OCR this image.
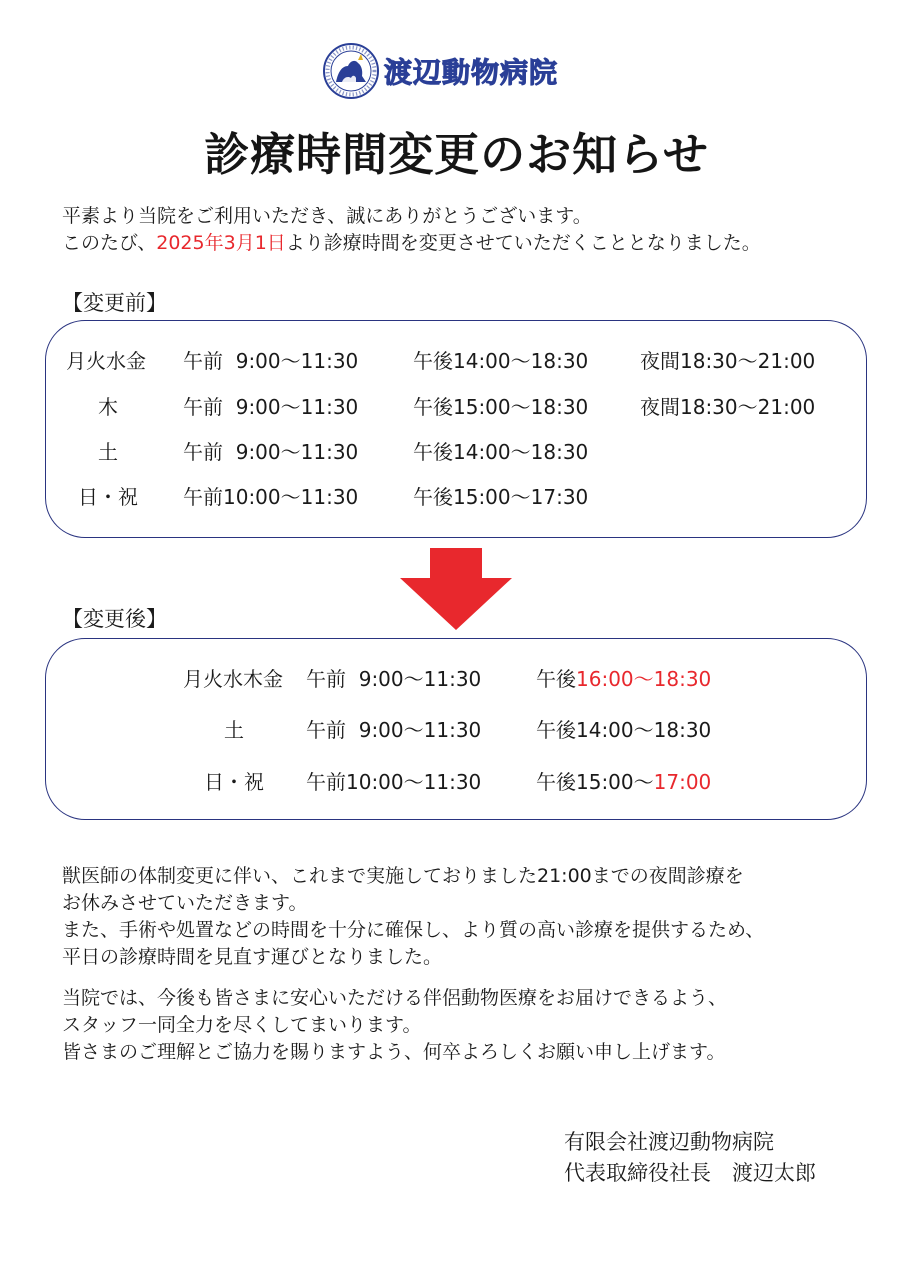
渡辺動物病院
診療時間変更のお知らせ
平素より当院をご利用いただき、誠にありがとうございます。
このたび、2025年3月1日より診療時間を変更させていただくこととなりました。
【変更前】
月火水金 午前  9:00〜11:30	午後14:00〜18:30	夜間18:30〜21:00
木	午前  9:00〜11:30	午後15:00〜18:30	夜間18:30〜21:00
土	午前  9:00〜11:30	午後14:00〜18:30
日・祝 午前10:00〜11:30	午後15:00〜17:30
【変更後】
月火水木金 午前  9:00〜11:30	午後16:00〜18:30
土	午前  9:00〜11:30	午後14:00〜18:30
日・祝 午前10:00〜11:30	午後15:00〜17:00
獣医師の体制変更に伴い、これまで実施しておりました21:00までの夜間診療を
お休みさせていただきます。
また、手術や処置などの時間を十分に確保し、より質の高い診療を提供するため、
平日の診療時間を見直す運びとなりました。
当院では、今後も皆さまに安心いただける伴侶動物医療をお届けできるよう、
スタッフ一同全力を尽くしてまいります。
皆さまのご理解とご協力を賜りますよう、何卒よろしくお願い申し上げます。
有限会社渡辺動物病院
代表取締役社長　渡辺太郎
